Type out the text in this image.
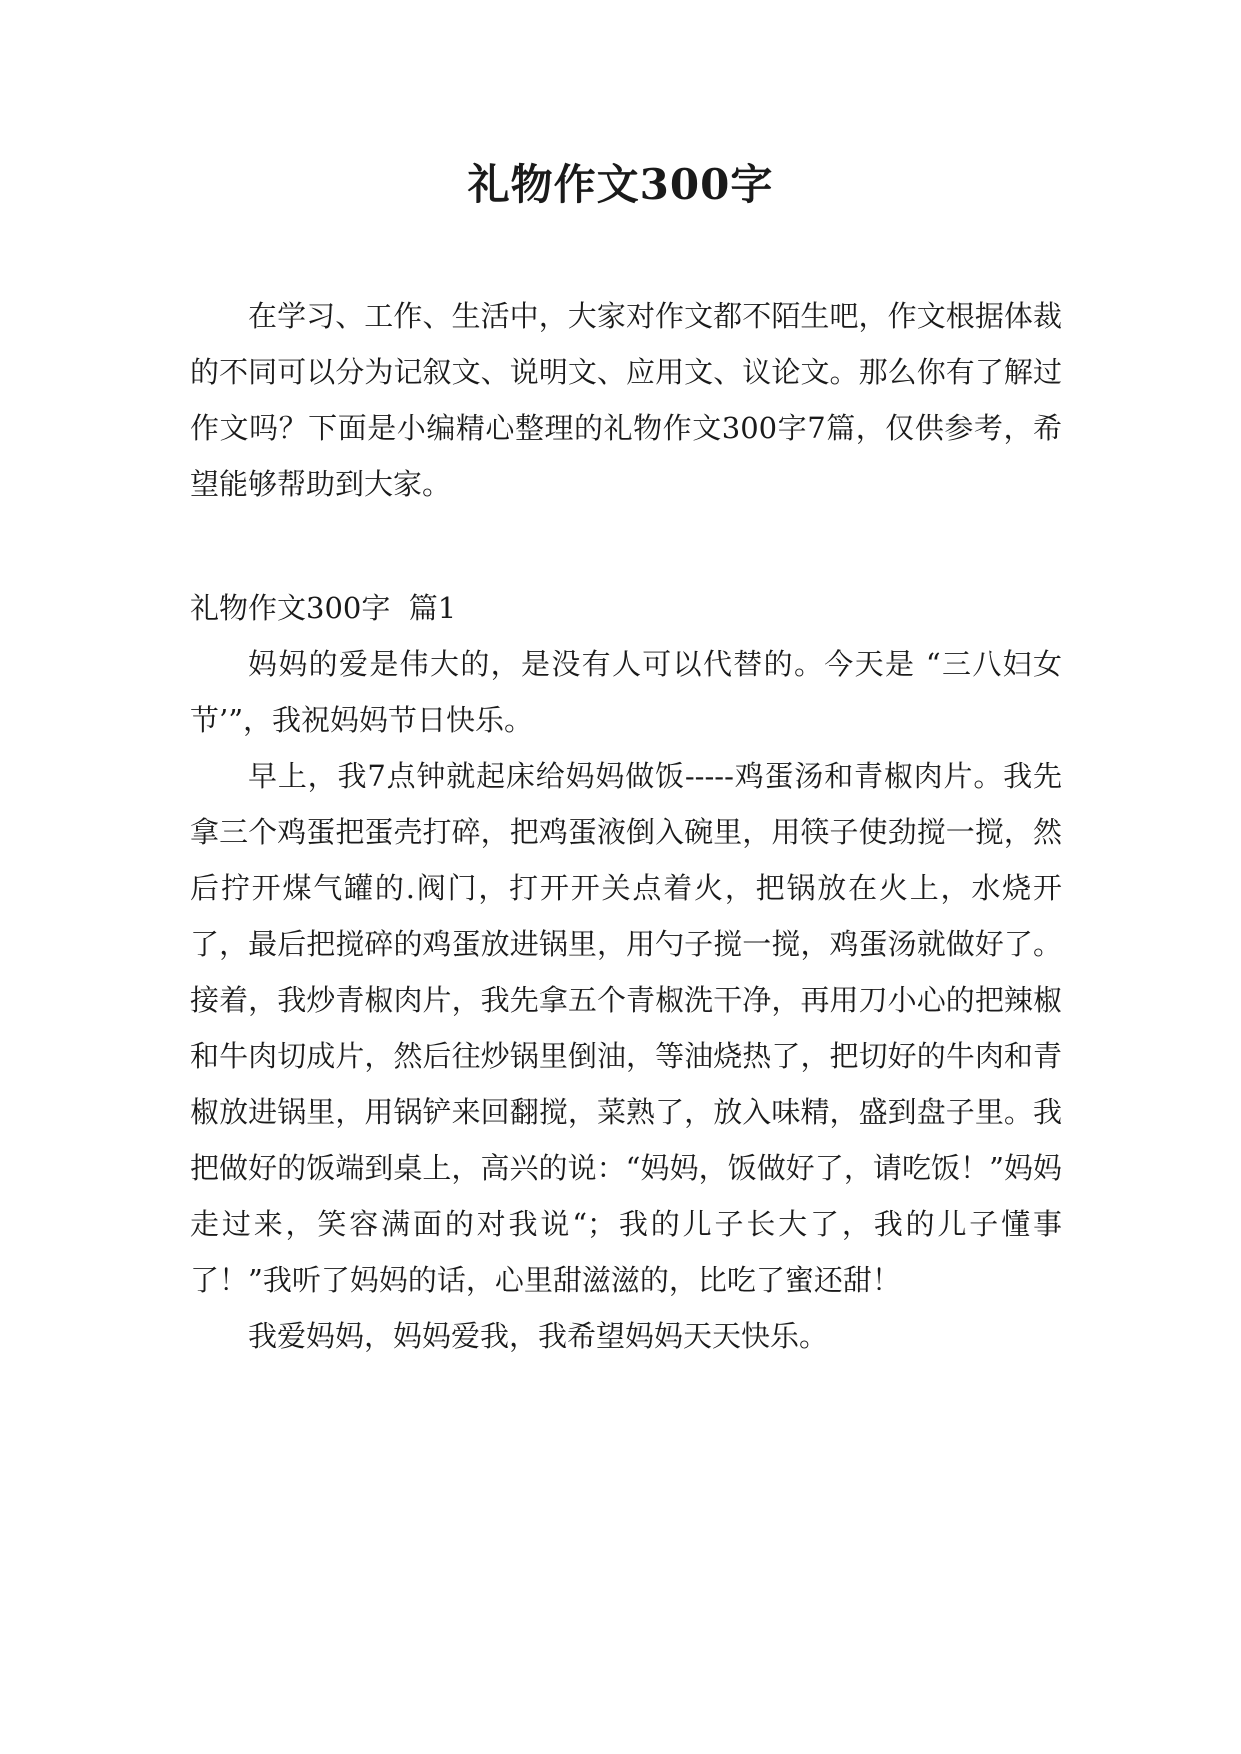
礼物作文300字

在学习、工作、生活中，大家对作文都不陌生吧，作文根据体裁的不同可以分为记叙文、说明文、应用文、议论文。那么你有了解过作文吗？下面是小编精心整理的礼物作文300字7篇，仅供参考，希望能够帮助到大家。

礼物作文300字  篇1

妈妈的爱是伟大的，是没有人可以代替的。今天是 “三八妇女节’”，我祝妈妈节日快乐。

早上，我7点钟就起床给妈妈做饭-----鸡蛋汤和青椒肉片。我先拿三个鸡蛋把蛋壳打碎，把鸡蛋液倒入碗里，用筷子使劲搅一搅，然后拧开煤气罐的.阀门，打开开关点着火，把锅放在火上，水烧开了，最后把搅碎的鸡蛋放进锅里，用勺子搅一搅，鸡蛋汤就做好了。接着，我炒青椒肉片，我先拿五个青椒洗干净，再用刀小心的把辣椒和牛肉切成片，然后往炒锅里倒油，等油烧热了，把切好的牛肉和青椒放进锅里，用锅铲来回翻搅，菜熟了，放入味精，盛到盘子里。我把做好的饭端到桌上，高兴的说：“妈妈，饭做好了，请吃饭！”妈妈走过来，笑容满面的对我说“；我的儿子长大了，我的儿子懂事了！”我听了妈妈的话，心里甜滋滋的，比吃了蜜还甜！

我爱妈妈，妈妈爱我，我希望妈妈天天快乐。
